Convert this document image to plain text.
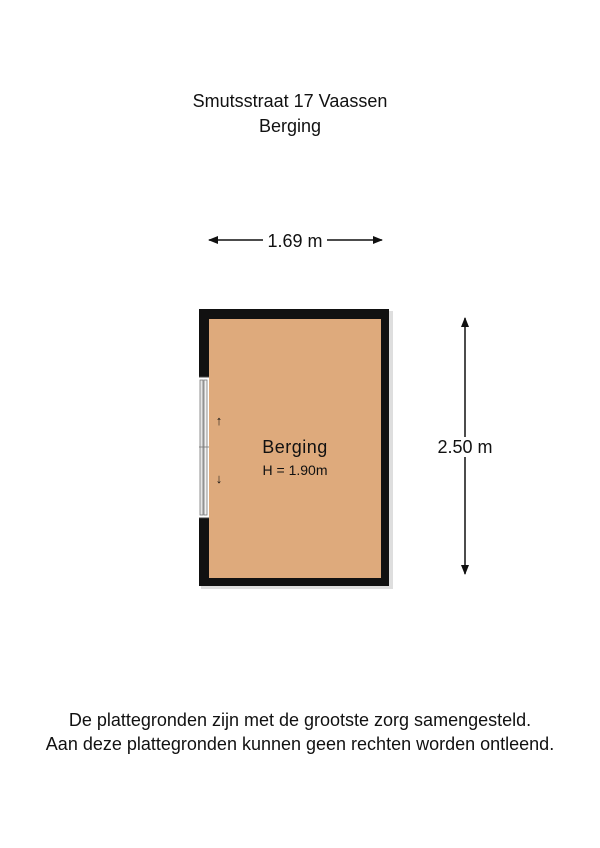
Smutsstraat 17 Vaassen
Berging
↑
↓
1.69 m
2.50 m
Berging
H = 1.90m
De plattegronden zijn met de grootste zorg samengesteld.
Aan deze plattegronden kunnen geen rechten worden ontleend.
